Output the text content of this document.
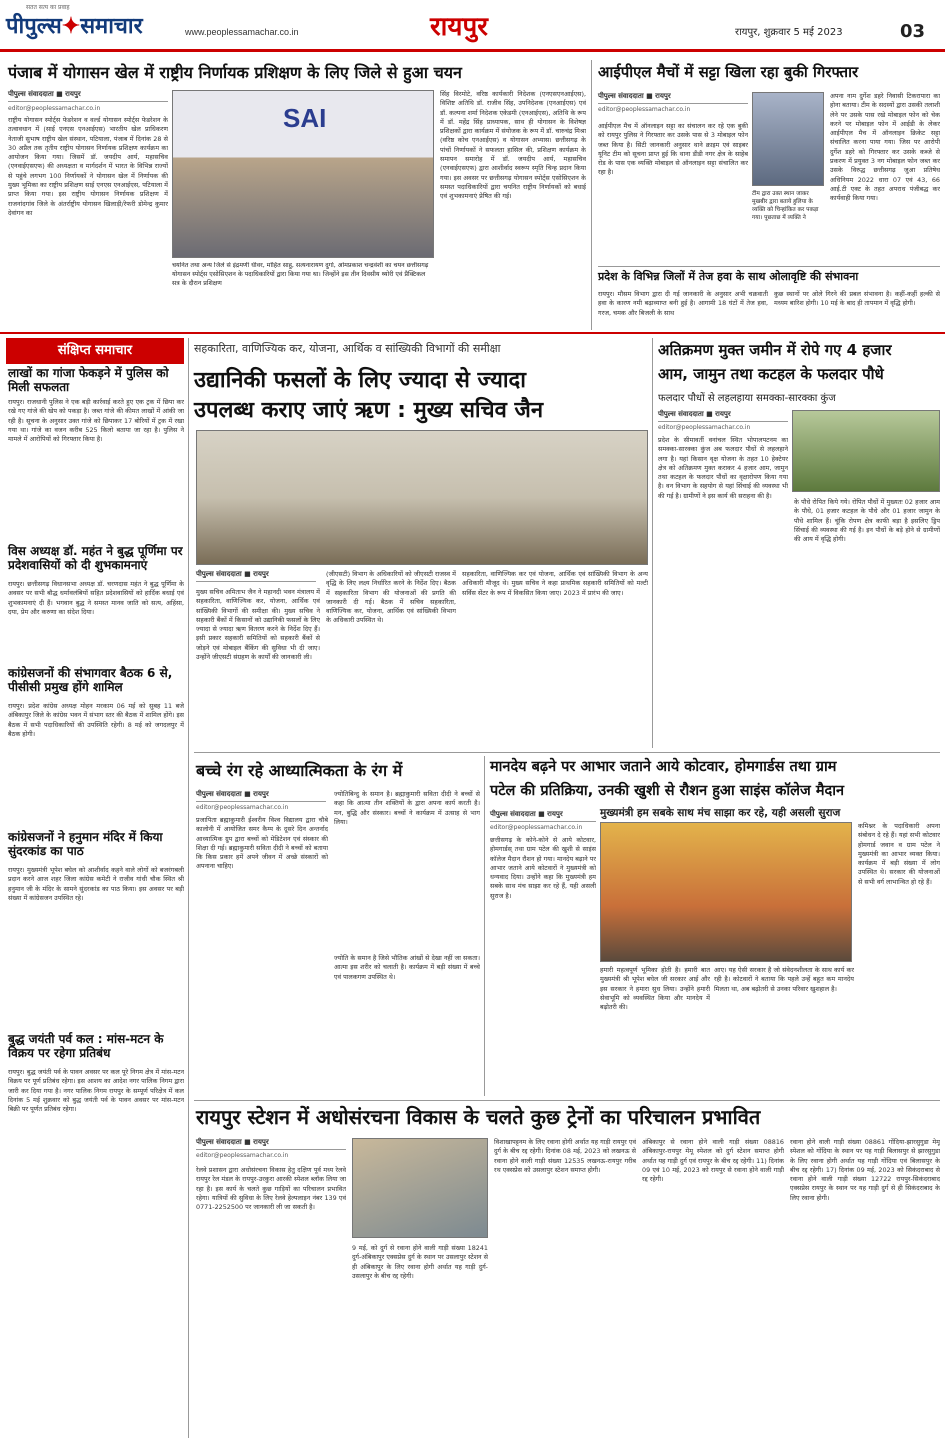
सतत सत्य का प्रवाह
पीपुल्स✦समाचार	www.peoplessamachar.co.in	रायपुर	रायपुर, शुक्रवार 5 मई 2023	03
पंजाब में योगासन खेल में राष्ट्रीय निर्णायक प्रशिक्षण के लिए जिले से हुआ चयन
पीपुल्स संवाददाता ■ रायपुर
editor@peoplessamachar.co.in
राष्ट्रीय योगासन स्पोर्ट्स फेडरेशन व वर्ल्ड योगासन स्पोर्ट्स फेडरेशन के तत्वावधान में (साई एनएस एनआईएस) भारतीय खेल प्राधिकरण नेताजी सुभाष राष्ट्रीय खेल संस्थान, पटियाला, पंजाब में दिनांक 28 से 30 अप्रैल तक तृतीय राष्ट्रीय योगासन निर्णायक प्रशिक्षण कार्यक्रम का आयोजन किया गया। जिसमें डॉ. जयदीप आर्य, महासचिव (एनवाईएसएफ) की अध्यक्षता व मार्गदर्शन में भारत के विभिन्न राज्यों से पहुंचे लगभग 100 निर्णायकों ने योगासन खेल में निर्णायक की मुख्य भूमिका का राष्ट्रीय प्रशिक्षण साई एनएस एनआईएस, पटियाला में प्राप्त किया गया। इस राष्ट्रीय योगासन निर्णायक प्रशिक्षण में राजनांदगांव जिले के अंतर्राष्ट्रीय योगासन खिलाड़ी/रेफरी डोमेन्द्र कुमार देवांगन का
SAI
चयनित तथा अन्य जिले से इंद्रमणी धीवर, मोहित साहु, सत्यनारायण दुर्गा, ओमप्रकाश चन्द्रवंशी का चयन छत्तीसगढ़ योगासन स्पोर्ट्स एसोसिएशन के पदाधिकारियों द्वारा किया गया था। जिन्होंने इस तीन दिवसीय थ्योरी एवं प्रैक्टिकल सत्र के दौरान प्रशिक्षण
सिंह विरमोटे, वरिष्ठ कार्यकारी निदेशक (एनएसएनआईएस), विशिष्ट अतिथि डॉ. राजीव सिंह, उपनिदेशक (एनआईएस) एवं डॉ. कल्पना शर्मा निदेशक एकेडमी (एनआईएस), अतिथि के रूप में डॉ. महेंद्र सिंह प्राध्यापक, साथ ही योगासन के विशेषज्ञ प्रशिक्षकों द्वारा कार्यक्रम में संयोजक के रूप में डॉ. चारुचंद्र मिश्रा (वरिष्ठ कोच एनआईएस) व योगासन अभ्यास। छत्तीसगढ़ के पांचों निर्णायकों ने सफलता हासिल की, प्रशिक्षण कार्यक्रम के समापन समारोह में डॉ. जयदीप आर्य, महासचिव (एनवाईएसएफ) द्वारा आशीर्वाद स्वरूप स्मृति चिन्ह प्रदान किया गया। इस अवसर पर छत्तीसगढ़ योगासन स्पोर्ट्स एसोसिएशन के समस्त पदाधिकारियों द्वारा चयनित राष्ट्रीय निर्णायकों को बधाई एवं शुभकामनाएं प्रेषित की गई।
आईपीएल मैचों में सट्टा खिला रहा बुकी गिरफ्तार
पीपुल्स संवाददाता ■ रायपुर
editor@peoplessamachar.co.in
आईपीएल मैच में ऑनलाइन सट्टा का संचालन कर रहे एक बुकी को रायपुर पुलिस ने गिरफ्तार कर उसके पास से 3 मोबाइल फोन जब्त किया है। सिटी जानकारी अनुसार थाने क्राइम एवं साइबर यूनिट टीम को सूचना प्राप्त हुई कि थाना डीडी नगर क्षेत्र के साहेब रोड के पास एक व्यक्ति मोबाइल से ऑनलाइन सट्टा संचालित कर रहा है।
टीम द्वारा उक्त स्थान जाकर मुखबीर द्वारा बताये हुलिया के व्यक्ति को चिन्हांकित कर पकड़ा गया। पूछताछ में व्यक्ति ने
अपना नाम दुर्गेश डहरे निवासी टिकरापारा का होना बताया। टीम के सदस्यों द्वारा उसकी तलाशी लेने पर उसके पास रखे मोबाइल फोन को चेक करने पर मोबाइल फोन में आईडी के लेकर आईपीएल मैच में ऑनलाइन क्रिकेट सट्टा संचालित करना पाया गया। जिस पर आरोपी दुर्गेश डहरे को गिरफ्तार कर उसके कब्जे से प्रकरण में प्रयुक्त 3 नग मोबाइल फोन जब्त कर उसके विरुद्ध छत्तीसगढ़ जुआ प्रतिषेध अधिनियम 2022 धारा 07 एवं 43, 66 आई.टी एक्ट के तहत अपराध पंजीबद्ध कर कार्यवाही किया गया।
प्रदेश के विभिन्न जिलों में तेज हवा के साथ ओलावृष्टि की संभावना
रायपुर। मौसम विभाग द्वारा दी गई जानकारी के अनुसार अभी चक्रवाती हवा के कारण नमी बढ़ाव्याप्त बनी हुई है। आगामी 18 घंटों में तेज हवा, गरज, चमक और बिजली के साथ
कुछ स्थानों पर ओले गिरने की प्रबल संभावना है। कहीं-कहीं हल्की से मध्यम बारिश होगी। 10 मई के बाद ही तापमान में वृद्धि होगी।
संक्षिप्त समाचार
लाखों का गांजा फेकड़ने में पुलिस को मिली सफलता
रायपुर। राजधानी पुलिस ने एक बड़ी कार्रवाई करते हुए एक ट्रक में छिपा कर रखे गए गांजे की खेप को पकड़ा है। जब्त गांजे की कीमत लाखों में आंकी जा रही है। सूचना के अनुसार उक्त गांजे को छिपाकर 17 बोरियों में ट्रक में रखा गया था। गांजे का वजन करीब 525 किलो बताया जा रहा है। पुलिस ने मामले में आरोपियों को गिरफ्तार किया है।
विस अध्यक्ष डॉ. महंत ने बुद्ध पूर्णिमा पर प्रदेशवासियों को दी शुभकामनाएं
रायपुर। छत्तीसगढ़ विधानसभा अध्यक्ष डॉ. चरणदास महंत ने बुद्ध पूर्णिमा के अवसर पर सभी बौद्ध धर्मावलंबियों सहित प्रदेशवासियों को हार्दिक बधाई एवं शुभकामनाएं दी हैं। भगवान बुद्ध ने समस्त मानव जाति को सत्य, अहिंसा, दया, प्रेम और करुणा का संदेश दिया।
कांग्रेसजनों की संभागवार बैठक 6 से, पीसीसी प्रमुख होंगे शामिल
रायपुर। प्रदेश कांग्रेस अध्यक्ष मोहन मरकाम 06 मई को सुबह 11 बजे अंबिकापुर जिले के कांग्रेस भवन में संभाग स्तर की बैठक में शामिल होंगे। इस बैठक में सभी पदाधिकारियों की उपस्थिति रहेगी। 8 मई को जगदलपुर में बैठक होगी।
कांग्रेसजनों ने हनुमान मंदिर में किया सुंदरकांड का पाठ
रायपुर। मुख्यमंत्री भूपेश बघेल को आशीर्वाद कहने वाले लोगों को बजरंगबली प्रदान करने आज शहर जिला कांग्रेस कमेटी ने राजीव गांधी चौक स्थित श्री हनुमान जी के मंदिर के सामने सुंदरकांड का पाठ किया। इस अवसर पर बड़ी संख्या में कांग्रेसजन उपस्थित रहे।
बुद्ध जयंती पर्व कल : मांस-मटन के विक्रय पर रहेगा प्रतिबंध
रायपुर। बुद्ध जयंती पर्व के पावन अवसर पर कल पूरे निगम क्षेत्र में मांस-मटन विक्रय पर पूर्ण प्रतिबंध रहेगा। इस आशय का आदेश नगर पालिक निगम द्वारा जारी कर दिया गया है। नगर पालिक निगम रायपुर के सम्पूर्ण परिक्षेत्र में कल दिनांक 5 मई शुक्रवार को बुद्ध जयंती पर्व के पावन अवसर पर मांस-मटन बिक्री पर पूर्णत प्रतिबंध रहेगा।
सहकारिता, वाणिज्यिक कर, योजना, आर्थिक व सांख्यिकी विभागों की समीक्षा
उद्यानिकी फसलों के लिए ज्यादा से ज्यादा
उपलब्ध कराए जाएं ऋण : मुख्य सचिव जैन
पीपुल्स संवाददाता ■ रायपुर
मुख्य सचिव अमिताभ जैन ने महानदी भवन मंत्रालय में सहकारिता, वाणिज्यिक कर, योजना, आर्थिक एवं सांख्यिकी विभागों की समीक्षा की। मुख्य सचिव ने सहकारी बैंकों में किसानों को उद्यानिकी फसलों के लिए ज्यादा से ज्यादा ऋण वितरण करने के निर्देश दिए हैं। इसी प्रकार सहकारी समितियों को सहकारी बैंकों से जोड़ने एवं मोबाइल बैंकिंग की सुविधा भी दी जाए। उन्होंने जीएसटी संग्रहण के कार्यों की जानकारी ली।
(जीएसटी) विभाग के अधिकारियों को जीएसटी राजस्व में वृद्धि के लिए लक्ष्य निर्धारित करने के निर्देश दिए। बैठक में सहकारिता विभाग की योजनाओं की प्रगति की जानकारी दी गई। बैठक में सचिव सहकारिता, वाणिज्यिक कर, योजना, आर्थिक एवं सांख्यिकी विभाग के अधिकारी उपस्थित थे।
सहकारिता, वाणिज्यिक कर एवं योजना, आर्थिक एवं सांख्यिकी विभाग के अन्य अधिकारी मौजूद थे। मुख्य सचिव ने कहा प्राथमिक सहकारी समितियों को मल्टी सर्विस सेंटर के रूप में विकसित किया जाए। 2023 में प्रारंभ की जाए।
अतिक्रमण मुक्त जमीन में रोपे गए 4 हजार
आम, जामुन तथा कटहल के फलदार पौधे
फलदार पौधों से लहलहाया समक्का-सारक्का कुंज
पीपुल्स संवाददाता ■ रायपुर
editor@peoplessamachar.co.in
प्रदेश के सीमावर्ती वनांचल स्थित भोपालपटनम का समक्का-सारक्का कुंज अब फलदार पौधों से लहलहाने लगा है। यहां किसान वृक्ष योजना के तहत 10 हेक्टेयर क्षेत्र को अतिक्रमण मुक्त कराकर 4 हजार आम, जामुन तथा कटहल के फलदार पौधों का वृक्षारोपण किया गया है। वन विभाग के सहयोग से यहां सिंचाई की व्यवस्था भी की गई है। ग्रामीणों ने इस कार्य की सराहना की है।
के पौधे रोपित किये गये। रोपित पौधों में मुख्यतः 02 हजार आम के पौधे, 01 हजार कटहल के पौधे और 01 हजार जामुन के पौधे शामिल हैं। चूंकि रोपण क्षेत्र काफी बड़ा है इसलिए ड्रिप सिंचाई की व्यवस्था की गई है। इन पौधों के बड़े होने से ग्रामीणों की आय में वृद्धि होगी।
बच्चे रंग रहे आध्यात्मिकता के रंग में
पीपुल्स संवाददाता ■ रायपुर
editor@peoplessamachar.co.in
प्रजापिता ब्रह्माकुमारी ईश्वरीय विश्व विद्यालय द्वारा चौबे कालोनी में आयोजित समर कैम्प के दूसरे दिन अन्तर्नाद आध्यात्मिक ग्रुप द्वारा बच्चों को मेडिटेशन एवं संस्कार की शिक्षा दी गई। ब्रह्माकुमारी सविता दीदी ने बच्चों को बताया कि किस प्रकार हमें अपने जीवन में अच्छे संस्कारों को अपनाना चाहिए।
ज्योतिबिन्दु के समान है। ब्रह्माकुमारी सविता दीदी ने बच्चों से कहा कि आत्मा तीन शक्तियों के द्वारा अपना कार्य करती है। मन, बुद्धि और संस्कार। बच्चों ने कार्यक्रम में उत्साह से भाग लिया।
ज्योति के समान है जिसे भौतिक आंखों से देखा नहीं जा सकता। आत्मा इस शरीर को चलाती है। कार्यक्रम में बड़ी संख्या में बच्चे एवं पालकगण उपस्थित थे।
मानदेय बढ़ने पर आभार जताने आये कोटवार, होमगार्डस तथा ग्राम
पटेल की प्रतिक्रिया, उनकी खुशी से रौशन हुआ साइंस कॉलेज मैदान
मुख्यमंत्री हम सबके साथ मंच साझा कर रहे, यही असली सुराज
पीपुल्स संवाददाता ■ रायपुर
editor@peoplessamachar.co.in
छत्तीसगढ़ के कोने-कोने से आये कोटवार, होमगार्डस्‌ तथा ग्राम पटेल की खुशी से साइंस कॉलेज मैदान रौशन हो गया। मानदेय बढ़ाने पर आभार जताने आये कोटवारों ने मुख्यमंत्री को धन्यवाद दिया। उन्होंने कहा कि मुख्यमंत्री हम सबके साथ मंच साझा कर रहे हैं, यही असली सुराज है।
हमारी महत्वपूर्ण भूमिका होती है। हमारी बात मुख्यमंत्री श्री भूपेश बघेल जी सरकार आई और इस सरकार ने हमारा सुध लिया। उन्होंने हमारी सेवाभूमि को व्यवस्थित किया और मानदेय में बढ़ोतरी की।
आए। यह ऐसी सरकार है जो संवेदनशीलता के साथ कार्य कर रही है। कोटवारों ने बताया कि पहले उन्हें बहुत कम मानदेय मिलता था, अब बढ़ोतरी से उनका परिवार खुशहाल है।
कमिश्नर के पदाधिकारी अपना संबोधन दे रहे हैं। यहां सभी कोटवार होमगार्ड जवान व ग्राम पटेल ने मुख्यमंत्री का आभार व्यक्त किया। कार्यक्रम में बड़ी संख्या में लोग उपस्थित थे। सरकार की योजनाओं से सभी वर्ग लाभान्वित हो रहे हैं।
रायपुर स्टेशन में अधोसंरचना विकास के चलते कुछ ट्रेनों का परिचालन प्रभावित
पीपुल्स संवाददाता ■ रायपुर
editor@peoplessamachar.co.in
रेलवे प्रशासन द्वारा अधोसंरचना विकास हेतु दक्षिण पूर्व मध्य रेलवे रायपुर रेल मंडल के रायपुर-उरकुरा आरकी स्पेशल ब्लॉक लिया जा रहा है। इस कार्य के चलते कुछ गाड़ियों का परिचालन प्रभावित रहेगा। यात्रियों की सुविधा के लिए रेलवे हेल्पलाइन नंबर 139 एवं 0771-2252500 पर जानकारी ली जा सकती है।
9 मई, को दुर्ग से रवाना होने वाली गाड़ी संख्या 18241 दुर्ग-अंबिकापुर एक्सप्रेस दुर्ग के स्थान पर उसलापुर स्टेशन से ही अंबिकापुर के लिए रवाना होगी अर्थात यह गाड़ी दुर्ग-उसलापुर के बीच रद्द रहेगी।
विशाखापट्टनम के लिए रवाना होगी अर्थात यह गाड़ी रायपुर एवं दुर्ग के बीच रद्द रहेगी। दिनांक 08 मई, 2023 को लखनऊ से रवाना होने वाली गाड़ी संख्या 12535 लखनऊ-रायपुर गरीब रथ एक्सप्रेस को उसलापुर स्टेशन समाप्त होगी।
अंबिकापुर से रवाना होने वाली गाड़ी संख्या 08816 अंबिकापुर-रायपुर मेमू स्पेशल को दुर्ग स्टेशन समाप्त होगी अर्थात यह गाड़ी दुर्ग एवं रायपुर के बीच रद्द रहेगी। 11) दिनांक 09 एवं 10 मई, 2023 को रायपुर से रवाना होने वाली गाड़ी रद्द रहेगी।
रवाना होने वाली गाड़ी संख्या 08861 गोंदिया-झारसुगुडा मेमू स्पेशल को गोंदिया के स्थान पर यह गाड़ी बिलासपुर से झारसुगुडा के लिए रवाना होगी अर्थात यह गाड़ी गोंदिया एवं बिलासपुर के बीच रद्द रहेगी। 17) दिनांक 09 मई, 2023 को सिकंदराबाद से रवाना होने वाली गाड़ी संख्या 12722 रायपुर-सिकंदराबाद एक्सप्रेस रायपुर के स्थान पर यह गाड़ी दुर्ग से ही सिकंदराबाद के लिए रवाना होगी।
